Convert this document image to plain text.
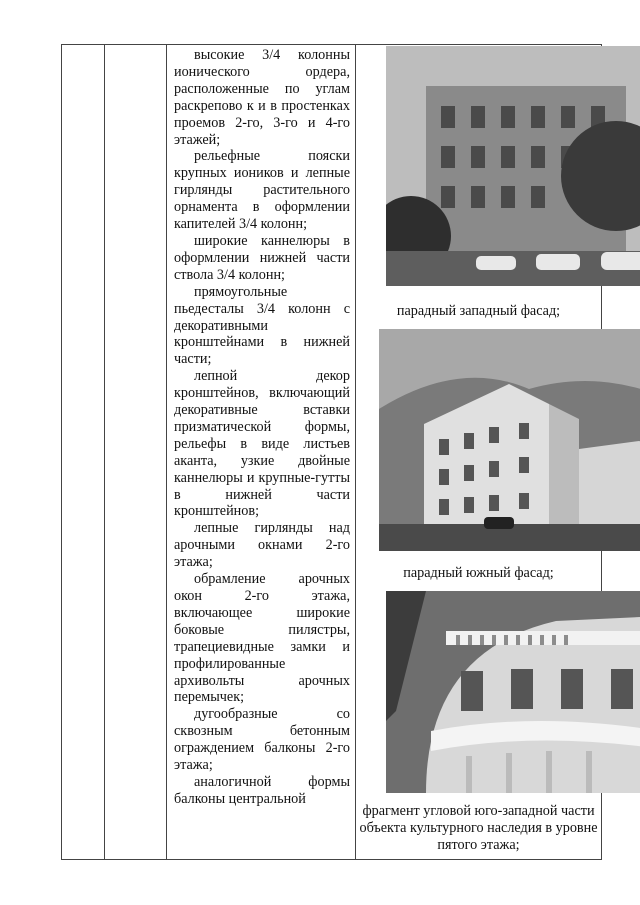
высокие 3/4 колонны ионического ордера, расположенные по углам раскрепово к и в простенках проемов 2-го, 3-го и 4-го этажей;

рельефные пояски крупных иоников и лепные гирлянды растительного орнамента в оформлении капителей 3/4 колонн;

широкие каннелюры в оформлении нижней части ствола 3/4 колонн;

прямоугольные пьедесталы 3/4 колонн с декоративными кронштейнами в нижней части;

лепной декор кронштейнов, включающий декоративные вставки призматической формы, рельефы в виде листьев аканта, узкие двойные каннелюры и крупные-гутты в нижней части кронштейнов;

лепные гирлянды над арочными окнами 2-го этажа;

обрамление арочных окон 2-го этажа, включающее широкие боковые пилястры, трапециевидные замки и профилированные архивольты арочных перемычек;

дугообразные со сквозным бетонным ограждением балконы 2-го этажа;

аналогичной формы балконы центральной

парадный западный фасад;
парадный южный фасад;
фрагмент угловой юго-западной части объекта культурного наследия в уровне пятого этажа;
